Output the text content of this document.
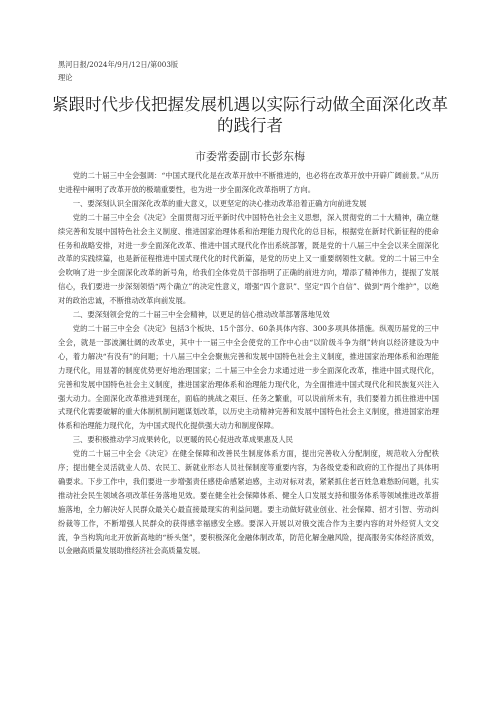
黑河日报/2024年/9月/12日/第003版
理论
紧跟时代步伐把握发展机遇以实际行动做全面深化改革
的践行者
市委常委副市长彭东梅

党的二十届三中全会强调：“中国式现代化是在改革开放中不断推进的，也必将在改革开放中开辟广阔前景。”从历史进程中阐明了改革开放的极端重要性，也为进一步全面深化改革指明了方向。

一、要深刻认识全面深化改革的重大意义，以更坚定的决心推动改革沿着正确方向前进发展

党的二十届三中全会《决定》全面贯彻习近平新时代中国特色社会主义思想，深入贯彻党的二十大精神，确立继续完善和发展中国特色社会主义制度、推进国家治理体系和治理能力现代化的总目标，根据党在新时代新征程的使命任务和战略安排，对进一步全面深化改革、推进中国式现代化作出系统部署，既是党的十八届三中全会以来全面深化改革的实践续篇，也是新征程推进中国式现代化的时代新篇，是党的历史上又一重要纲领性文献。党的二十届三中全会吹响了进一步全面深化改革的新号角，给我们全体党员干部指明了正确的前进方向，增添了精神伟力，提振了发展信心，我们要进一步深刻领悟“两个确立”的决定性意义，增强“四个意识”、坚定“四个自信”、做到“两个维护”，以绝对的政治忠诚，不断推动改革向前发展。

二、要深刻领会党的二十届三中全会精神，以更足的信心推动改革部署落地见效

党的二十届三中全会《决定》包括3个板块、15个部分、60条具体内容、300多项具体措施。纵观历届党的三中全会，就是一部波澜壮阔的改革史，其中十一届三中全会使党的工作中心由“以阶级斗争为纲”转向以经济建设为中心，着力解决“有没有”的问题；十八届三中全会聚焦完善和发展中国特色社会主义制度，推进国家治理体系和治理能力现代化，用显著的制度优势更好地治理国家；二十届三中全会力求通过进一步全面深化改革，推进中国式现代化，完善和发展中国特色社会主义制度，推进国家治理体系和治理能力现代化，为全面推进中国式现代化和民族复兴注入强大动力。全面深化改革推进到现在，面临的挑战之艰巨、任务之繁重，可以说前所未有，我们要着力抓住推进中国式现代化需要破解的重大体制机制问题谋划改革，以历史主动精神完善和发展中国特色社会主义制度，推进国家治理体系和治理能力现代化，为中国式现代化提供强大动力和制度保障。

三、要积极推动学习成果转化，以更暖的民心促进改革成果惠及人民

党的二十届三中全会《决定》在健全保障和改善民生制度体系方面，提出完善收入分配制度，规范收入分配秩序；提出健全灵活就业人员、农民工、新就业形态人员社保制度等重要内容，为各级党委和政府的工作提出了具体明确要求。下步工作中，我们要进一步增强责任感使命感紧迫感，主动对标对表，紧紧抓住老百姓急难愁盼问题，扎实推动社会民生领域各项改革任务落地见效。要在健全社会保障体系、健全人口发展支持和服务体系等领域推进改革措施落地，全力解决好人民群众最关心最直接最现实的利益问题。要主动做好就业创业、社会保障、招才引智、劳动纠纷裁等工作，不断增强人民群众的获得感幸福感安全感。要深入开展以对俄交流合作为主要内容的对外经贸人文交流，争当构筑向北开放新高地的“桥头堡”，要积极深化金融体制改革，防范化解金融风险，提高服务实体经济质效，以金融高质量发展助推经济社会高质量发展。
